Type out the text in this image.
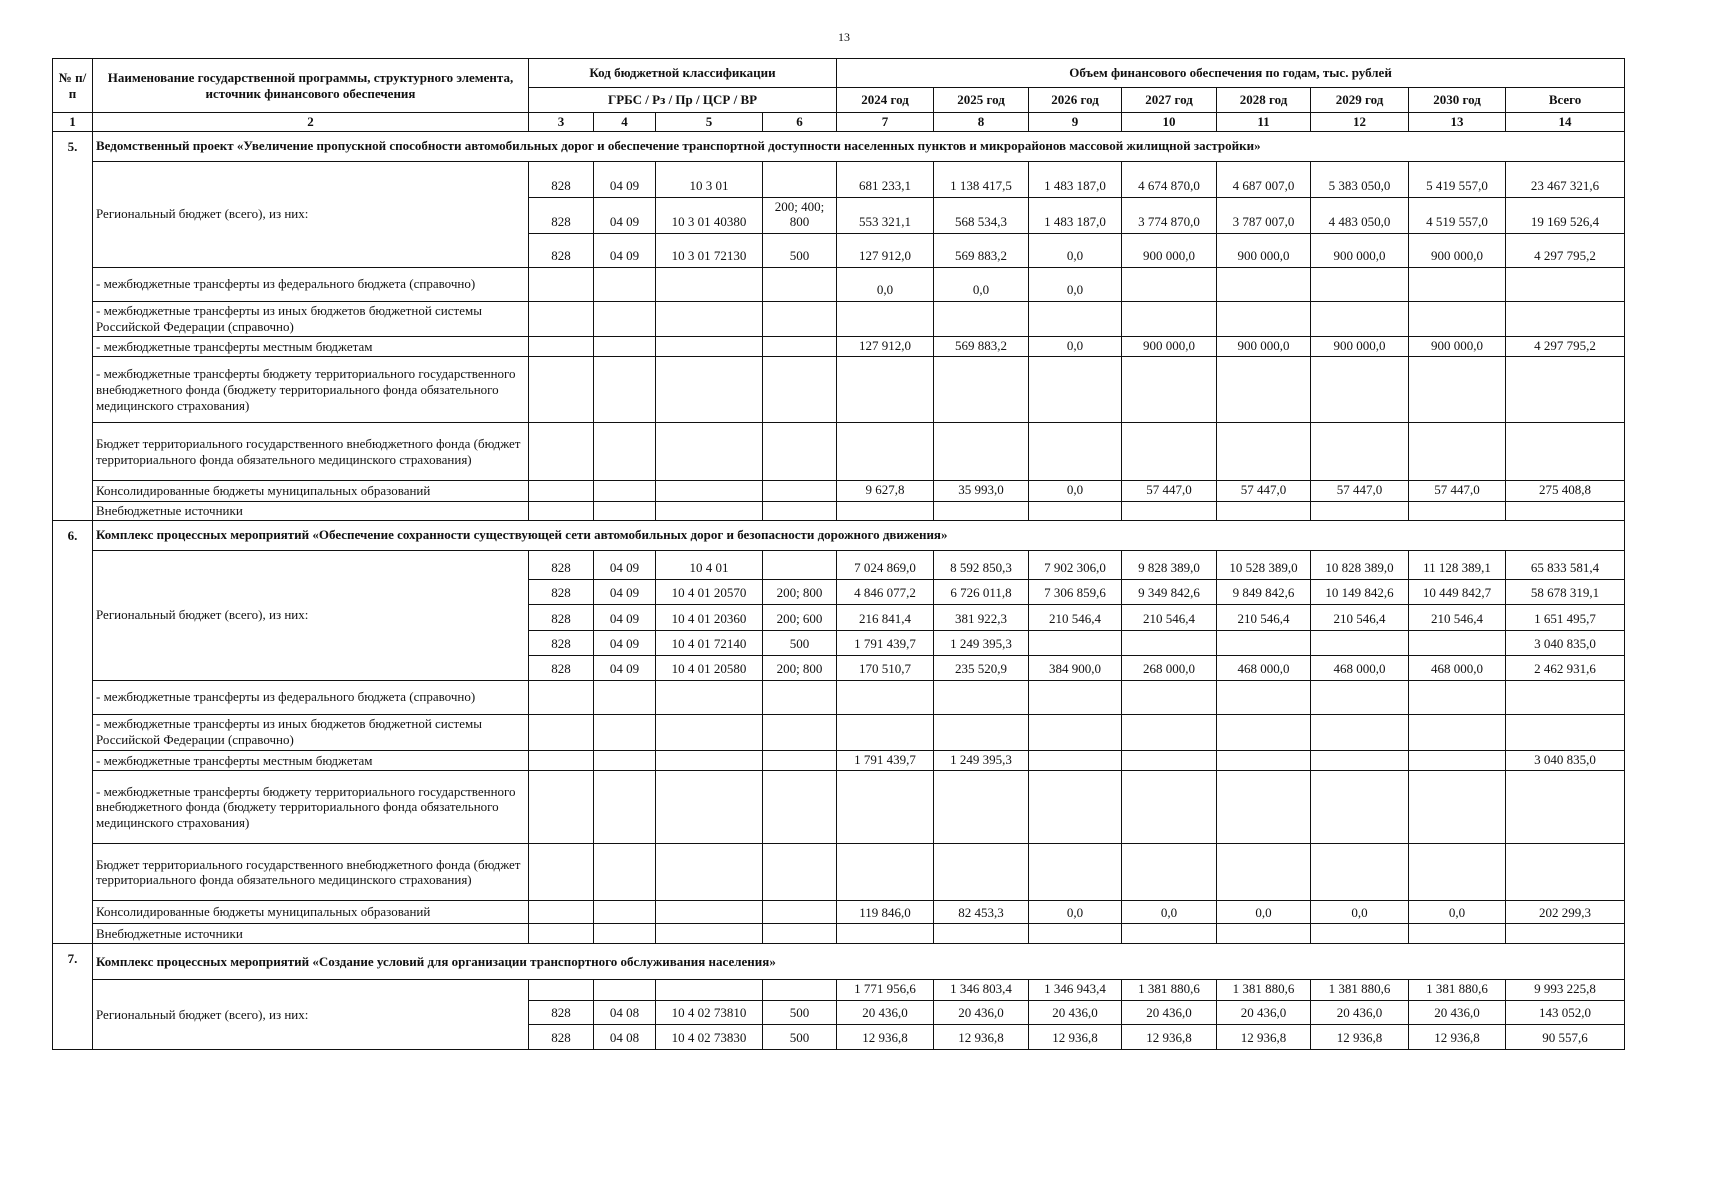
13
№ п/п	Наименование государственной программы, структурного элемента, источник финансового обеспечения	Код бюджетной классификации				Объем финансового обеспечения по годам, тыс. рублей							
		ГРБС / Рз / Пр / ЦСР / ВР				2024 год	2025 год	2026 год	2027 год	2028 год	2029 год	2030 год	Всего
1	2	3	4	5	6	7	8	9	10	11	12	13	14
5.	Ведомственный проект «Увеличение пропускной способности автомобильных дорог и обеспечение транспортной доступности населенных пунктов и микрорайонов массовой жилищной застройки»												
	Региональный бюджет (всего), из них:	828	04 09	10 3 01		681 233,1	1 138 417,5	1 483 187,0	4 674 870,0	4 687 007,0	5 383 050,0	5 419 557,0	23 467 321,6
		828	04 09	10 3 01 40380	200; 400; 800	553 321,1	568 534,3	1 483 187,0	3 774 870,0	3 787 007,0	4 483 050,0	4 519 557,0	19 169 526,4
		828	04 09	10 3 01 72130	500	127 912,0	569 883,2	0,0	900 000,0	900 000,0	900 000,0	900 000,0	4 297 795,2
	- межбюджетные трансферты из федерального бюджета (справочно)					0,0	0,0	0,0					
	- межбюджетные трансферты из иных бюджетов бюджетной системы Российской Федерации (справочно)												
	- межбюджетные трансферты местным бюджетам					127 912,0	569 883,2	0,0	900 000,0	900 000,0	900 000,0	900 000,0	4 297 795,2
	- межбюджетные трансферты бюджету территориального государственного внебюджетного фонда (бюджету территориального фонда обязательного медицинского страхования)												
	Бюджет территориального государственного внебюджетного фонда (бюджет территориального фонда обязательного медицинского страхования)												
	Консолидированные бюджеты муниципальных образований					9 627,8	35 993,0	0,0	57 447,0	57 447,0	57 447,0	57 447,0	275 408,8
	Внебюджетные источники												
6.	Комплекс процессных мероприятий «Обеспечение сохранности существующей сети автомобильных дорог и безопасности дорожного движения»												
	Региональный бюджет (всего), из них:	828	04 09	10 4 01		7 024 869,0	8 592 850,3	7 902 306,0	9 828 389,0	10 528 389,0	10 828 389,0	11 128 389,1	65 833 581,4
		828	04 09	10 4 01 20570	200; 800	4 846 077,2	6 726 011,8	7 306 859,6	9 349 842,6	9 849 842,6	10 149 842,6	10 449 842,7	58 678 319,1
		828	04 09	10 4 01 20360	200; 600	216 841,4	381 922,3	210 546,4	210 546,4	210 546,4	210 546,4	210 546,4	1 651 495,7
		828	04 09	10 4 01 72140	500	1 791 439,7	1 249 395,3						3 040 835,0
		828	04 09	10 4 01 20580	200; 800	170 510,7	235 520,9	384 900,0	268 000,0	468 000,0	468 000,0	468 000,0	2 462 931,6
	- межбюджетные трансферты из федерального бюджета (справочно)												
	- межбюджетные трансферты из иных бюджетов бюджетной системы Российской Федерации (справочно)												
	- межбюджетные трансферты местным бюджетам					1 791 439,7	1 249 395,3						3 040 835,0
	- межбюджетные трансферты бюджету территориального государственного внебюджетного фонда (бюджету территориального фонда обязательного медицинского страхования)												
	Бюджет территориального государственного внебюджетного фонда (бюджет территориального фонда обязательного медицинского страхования)												
	Консолидированные бюджеты муниципальных образований					119 846,0	82 453,3	0,0	0,0	0,0	0,0	0,0	202 299,3
	Внебюджетные источники												
7.	Комплекс процессных мероприятий «Создание условий для организации транспортного обслуживания населения»												
	Региональный бюджет (всего), из них:					1 771 956,6	1 346 803,4	1 346 943,4	1 381 880,6	1 381 880,6	1 381 880,6	1 381 880,6	9 993 225,8
		828	04 08	10 4 02 73810	500	20 436,0	20 436,0	20 436,0	20 436,0	20 436,0	20 436,0	20 436,0	143 052,0
		828	04 08	10 4 02 73830	500	12 936,8	12 936,8	12 936,8	12 936,8	12 936,8	12 936,8	12 936,8	90 557,6
